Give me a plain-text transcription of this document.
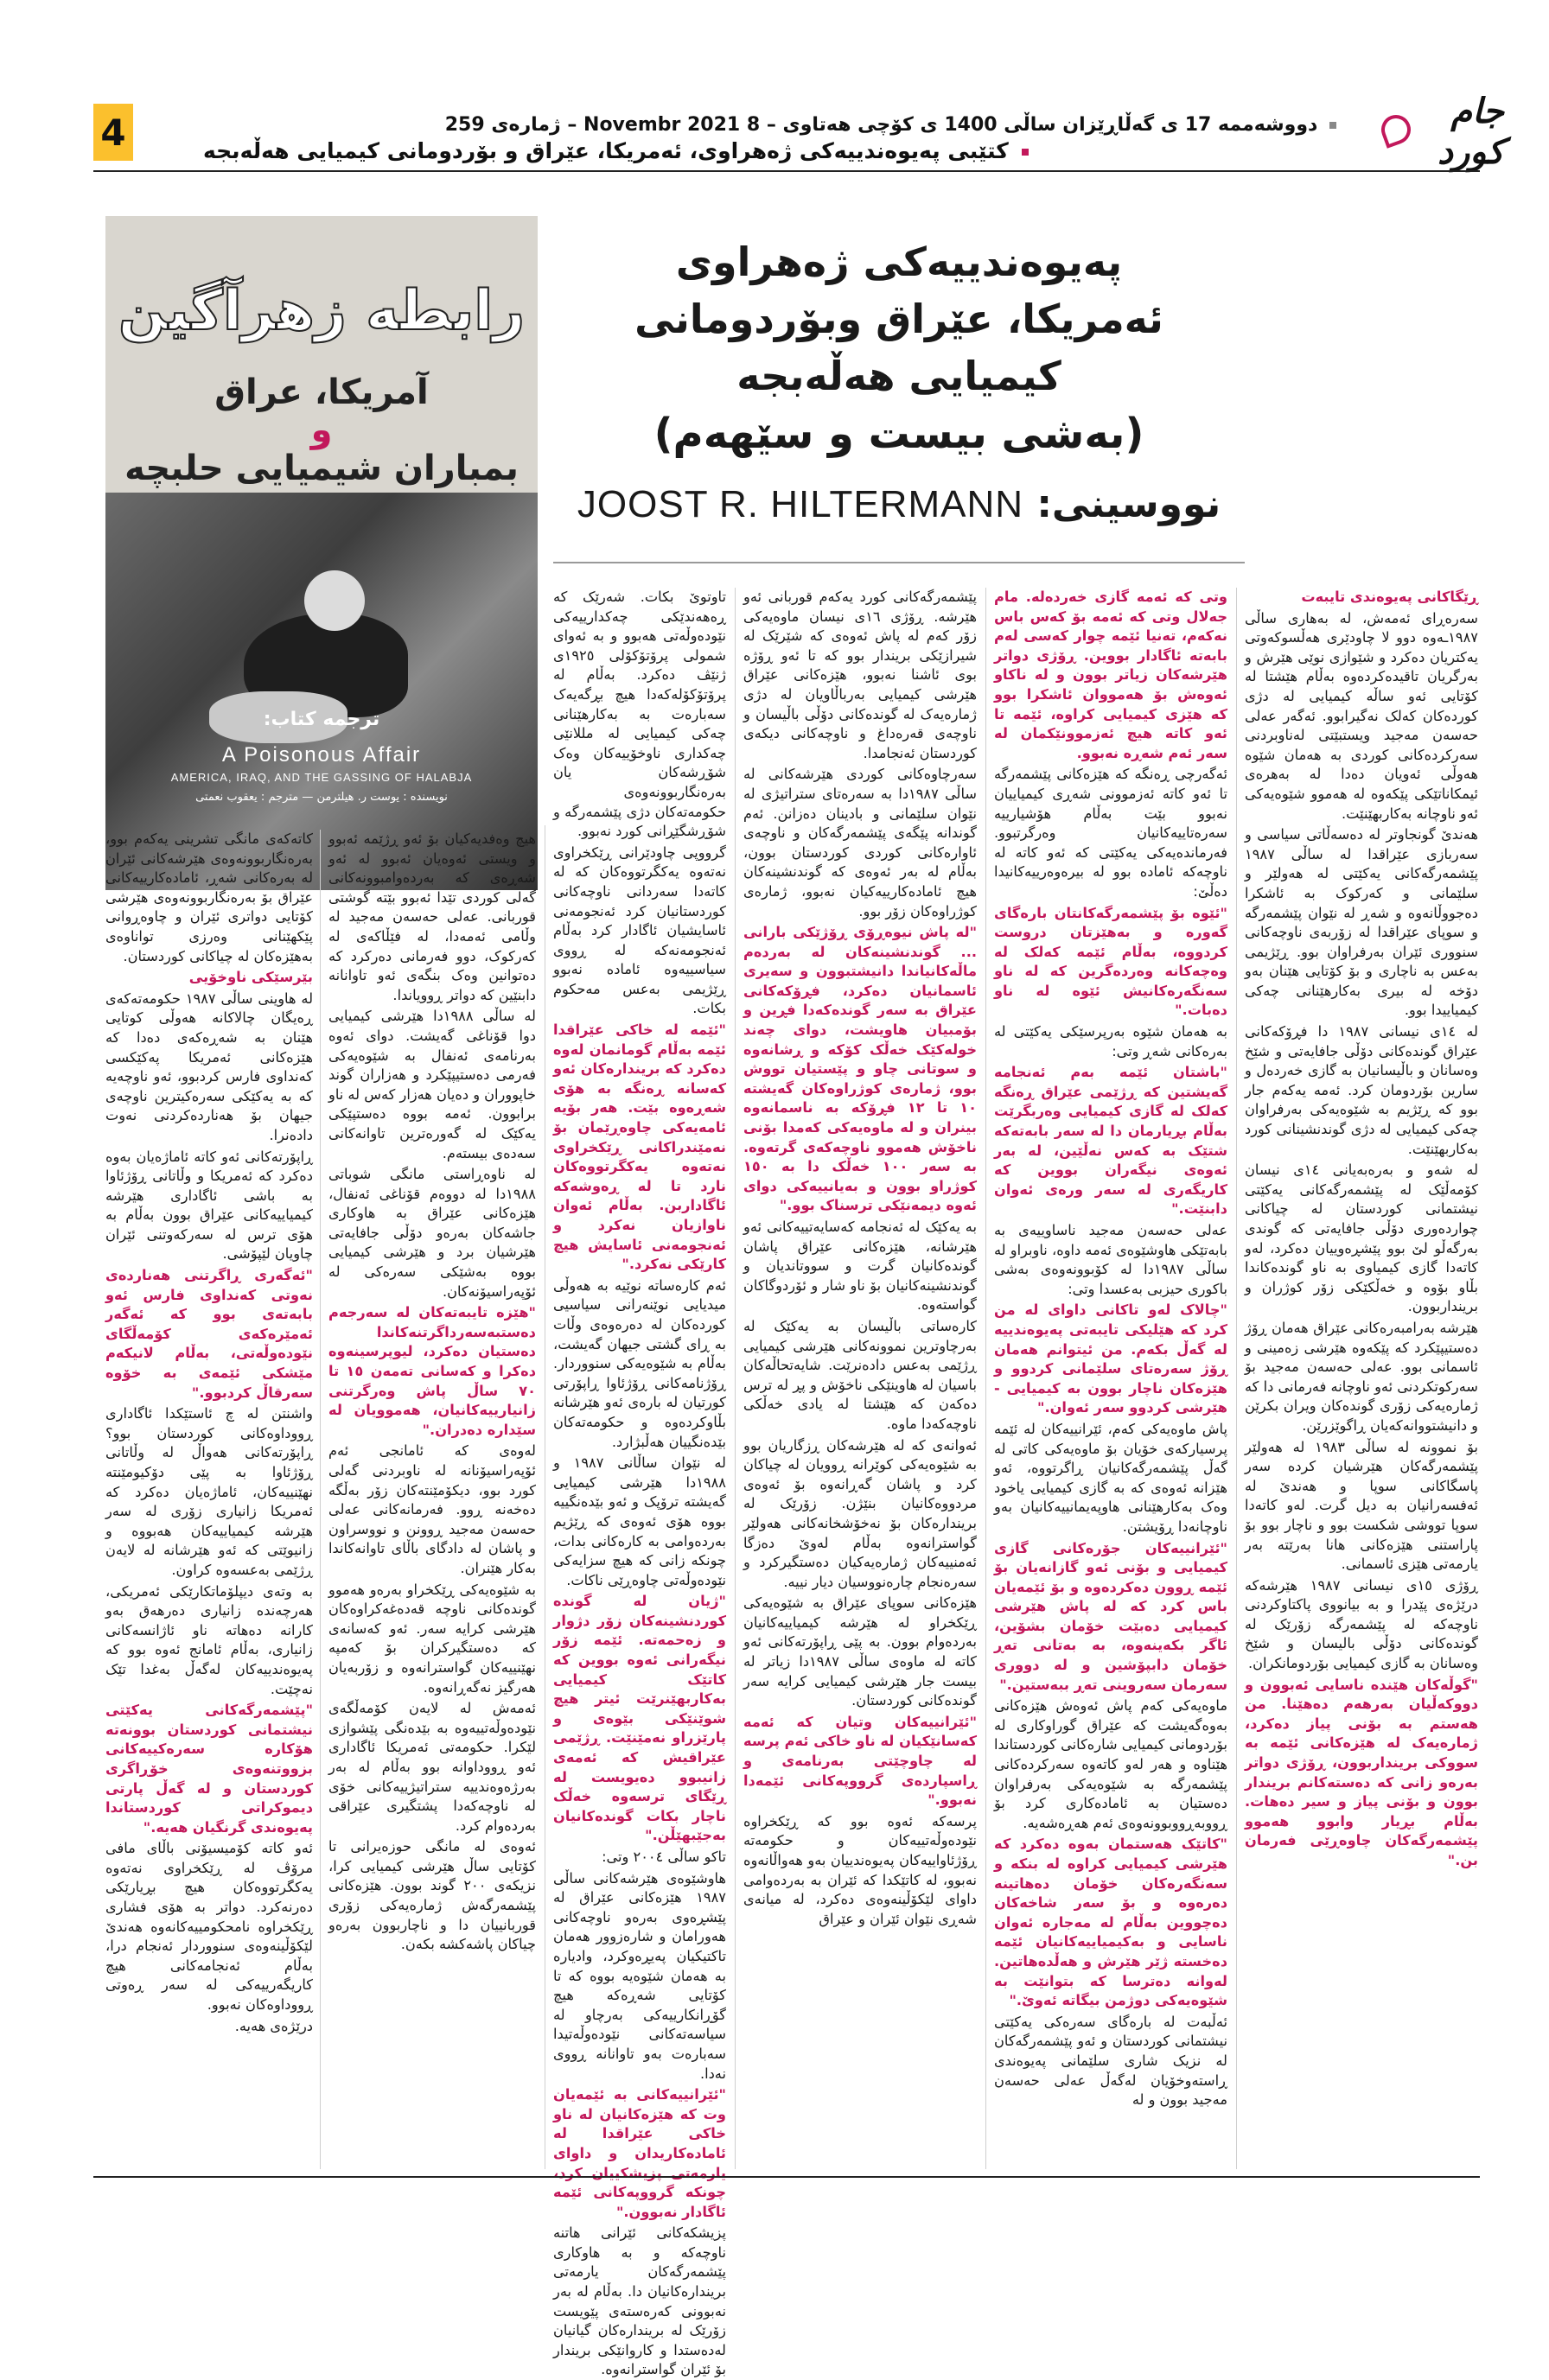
جام کورد
دووشەممە 17 ی گەڵاڕێزان ساڵی 1400 ی کۆچی هەتاوی – 8 Novembr 2021 – ژمارەی 259
کتێبی پەیوەندییەکی ژەهراوی، ئەمریکا، عێراق و بۆردومانی کیمیایی هەڵەبجە
4
پەیوەندییەکی ژەهراوی
ئەمریکا، عێراق وبۆردومانی کیمیایی هەڵەبجە
(بەشی بیست و سێهەم)
نووسینی: JOOST R. HILTERMANN
رابطه زهرآگين
آمريكا، عراق
و
بمباران شيميايى حلبچه
ترجمه كتاب:
A Poisonous Affair
AMERICA, IRAQ, AND THE GASSING OF HALABJA
نويسنده : يوست ر. هيلترمن — مترجم : يعقوب نعمتى

ڕێگاکانی پەیوەندی تایبەت

سەرەڕای ئەمەش، لە بەهاری ساڵی ١٩٨٧ـەوە دوو لا چاودێری هەڵسوکەوتی یەکتریان دەکرد و شێوازی نوێی هێرش و بەرگریان تاقیدەکردەوە بەڵام هێشتا لە کۆتایی ئەو ساڵە کیمیایی لە دژی کوردەکان کەلک نەگیرابوو. ئەگەر عەلی حەسەن مەجید ویستبێتی لەناوبردنی سەرکردەکانی کوردی بە هەمان شێوە هەوڵی ئەویان دەدا لە بەهرەی ئیمکاناتێکی پێکەوە لە هەموو شێوەیەکی ئەو ناوچانە بەکاربهێنێت.

هەندێ گونجاوتر لە دەسەڵاتی سیاسی و سەربازی عێراقدا لە ساڵی ١٩٨٧ پێشمەرگەکانی یەکێتی لە هەولێر و سلێمانی و کەرکوک بە ئاشکرا دەجووڵانەوە و شەڕ لە نێوان پێشمەرگە و سوپای عێراقدا لە زۆربەی ناوچەکانی سنووری ئێران بەرفراوان بوو. ڕێژیمی بەعس بە ناچاری و بۆ کۆتایی هێنان بەو دۆخە لە بیری بەکارهێنانی چەکی کیمیاییدا بوو.

لە ١٤ی نیسانی ١٩٨٧ دا فڕۆکەکانی عێراق گوندەکانی دۆڵی جافایەتی و شێخ وەسانان و باڵیسانیان بە گازی خەردەل و سارین بۆردومان کرد. ئەمە یەکەم جار بوو کە ڕێژیم بە شێوەیەکی بەرفراوان چەکی کیمیایی لە دژی گوندنشینانی کورد بەکاربهێنێت.

لە شەو و بەرەبەیانی ١٤ی نیسان کۆمەڵێک لە پێشمەرگەکانی یەکێتی نیشتمانی کوردستان لە چیاکانی چواردەوری دۆڵی جافایەتی کە گوندی بەرگەڵو لێ بوو پێشڕەوییان دەکرد، لەو کاتەدا گازی کیمیاوی بە ناو گوندەکاندا بڵاو بۆوە و خەڵکێکی زۆر کوژران و برینداربوون.

هێرشە بەرامبەرەکانی عێراق هەمان ڕۆژ دەستیپێکرد کە پێکەوە هێرشی زەمینی و ئاسمانی بوو. عەلی حەسەن مەجید بۆ سەرکوتکردنی ئەو ناوچانە فەرمانی دا کە ژمارەیەکی زۆری گوندەکان ویران بکرێن و دانیشتووانەکەیان ڕاگوێزرێن.

بۆ نموونە لە ساڵی ١٩٨٣ لە هەولێر پێشمەرگەکان هێرشیان کردە سەر پاسگاکانی سوپا و هەندێ لە ئەفسەرانیان بە دیل گرت. لەو کاتەدا سوپا تووشی شکست بوو و ناچار بوو بۆ پاراستنی هێزەکانی هانا بەرێتە بەر یارمەتی هێزی ئاسمانی.

ڕۆژی ١٥ی نیسانی ١٩٨٧ هێرشەکە درێژەی پێدرا و بە بیانووی پاکتاوکردنی ناوچەکە لە پێشمەرگە زۆرێک لە گوندەکانی دۆڵی بالیسان و شێخ وەسانان بە گازی کیمیایی بۆردومانکران.

"گوڵەکان هێندە ناسایی ئەبوون و دووکەڵیان بەرهەم دەهێنا. من هەستم بە بۆنی پیاز دەکرد، ژمارەیەک لە هێزەکانی ئێمە بە سووکی برینداربوون، ڕۆژی دواتر بەرەو زانی کە دەستەکانم بریندار بوون و بۆنی پیاز و سیر دەهات. بەڵام بڕیار وابوو هەموو پێشمەرگەکان چاوەڕێی فەرمان بن."

وتی کە ئەمە گازی خەردەلە. مام جەلال وتی کە ئەمە بۆ کەس باس نەکەم، تەنیا ئێمە چوار کەسی لەم بابەتە ئاگادار بووین. ڕۆژی دواتر هێرشەکان زیاتر بوون و لە ناکاو ئەوەش بۆ هەمووان ئاشکرا بوو کە هێزی کیمیایی کراوە، ئێمە تا ئەو کاتە هیچ ئەزموونێکمان لە سەر ئەم شەڕە نەبوو.

ئەگەرچی ڕەنگە کە هێزەکانی پێشمەرگە تا ئەو کاتە ئەزموونی شەڕی کیمیاییان نەبوو بێت بەڵام هۆشیارییە سەرەتاییەکانیان وەرگرتبوو. فەرماندەیەکی یەکێتی کە ئەو کاتە لە ناوچەکە ئامادە بوو لە بیرەوەرییەکانیدا دەڵێ:

"ئێوە بۆ پێشمەرگەکانتان بارەگای گەورە و بەهێزتان دروست کردووە، بەڵام ئێمە کەلک لە وەچەکانە وەردەگرین کە لە ناو سەنگەرەکانیش ئێوە لە ناو دەبات."

بە هەمان شێوە بەرپرسێکی یەکێتی لە بەرەکانی شەڕ وتی:

"باشتان ئێمە بەم ئەنجامە گەیشتین کە ڕژێمی عێراق ڕەنگە کەلک لە گازی کیمیایی وەربگرێت بەڵام بڕیارمان دا لە سەر بابەتەکە شتێک بە کەس نەڵێین، لە بەر ئەوەی نیگەران بووین کە کاریگەری لە سەر ورەی ئەوان دابنێت."

عەلی حەسەن مەجید ناساوییەی بە بابەتێکی هاوشێوەی ئەمە داوە، ناوبراو لە ساڵی ١٩٨٧دا لە کۆبوونەوەی بەشی باکوری حیزبی بەعسدا وتی:

"چالاک لەو تاکانی داوای لە من کرد کە هێلیکی تایبەتی پەیوەندییە لە گەڵ بکەم. من ئیتوانم هەمان ڕۆژ سەرەتای سلێمانی کردوو و هێزەکان ناچار بوون بە کیمیایی - هێرشی کردوو سەر ئەوان."

پاش ماوەیەکی کەم، ئێرانییەکان لە ئێمە پرسیارکەی خۆیان بۆ ماوەیەکی کاتی لە گەڵ پێشمەرگەکانیان ڕاگرتووە، ئەو هێزانە ئەوەی کە بە گازی کیمیایی یاخود وەک بەکارهێنانی هاوپەیمانییەکانیان بەو ناوچانەدا ڕۆیشتن.

"ئێرانییەکان جۆرەکانی گازی کیمیایی و بۆنی ئەو گازانەیان بۆ ئێمە ڕوون دەکردەوە و بۆ ئێمەیان باس کرد کە لە پاش هێرشی کیمیایی دەبێت خۆمان بشۆین، ئاگر بکەینەوە، بە بەتانی تەڕ خۆمان دابپۆشین و لە دووری سەرمان سەروینی تەڕ ببەستین."

ماوەیەکی کەم پاش ئەوەش هێزەکانی بەوەگەیشت کە عێراق گوراوکاری لە بۆردومانی کیمیایی شارەکانی کوردستاندا هێناوە و هەر لەو کاتەوە سەرکردەکانی پێشمەرگە بە شێوەیەکی بەرفراوان دەستیان بە ئامادەکاری کرد بۆ ڕووبەڕووبوونەوەی ئەم هەڕەشەیە.

"کاتێک هەستمان بەوە دەکرد کە هێرشی کیمیایی کراوە لە بنکە و سەنگەرەکان خۆمان دەهاتینە دەرەوە و بۆ سەر شاخەکان دەچووین بەڵام لە مەجارە ئەوان ناسایی و بەکیمیاییەکانیان ئێمە دەخستە ژێر هێرش و هەڵدەهاتین. لەوانە دەترسا کە بتوانێت بە شێوەیەکی دوژمن بیگاتە ئەوێ."

ئەڵبەت لە بارەگای سەرەکی یەکێتی نیشتمانی کوردستان و ئەو پێشمەرگەکان لە نزیک شاری سلێمانی پەیوەندی ڕاستەوخۆیان لەگەڵ عەلی حەسەن مەجید بوون و لە

پێشمەرگەکانی کورد یەکەم قوربانی ئەو هێرشە. ڕۆژی ١٦ی نیسان ماوەیەکی زۆر کەم لە پاش ئەوەی کە شێرێک لە شیرازێکی بریندار بوو کە تا ئەو ڕۆژە بوی ئاشنا نەبوو، هێزەکانی عێراق هێرشی کیمیایی بەرباڵاویان لە دژی ژمارەیەک لە گوندەکانی دۆڵی باڵیسان و ناوچەی قەرەداغ و ناوچەکانی دیکەی کوردستان ئەنجامدا.

سەرچاوەکانی کوردی هێرشەکانی لە ساڵی ١٩٨٧دا بە سەرەتای ستراتیژی لە نێوان سلێمانی و بادینان دەزانن. ئەم گوندانە پێگەی پێشمەرگەکان و ناوچەی ئاوارەکانی کوردی کوردستان بوون، بەڵام لە بەر ئەوەی کە گوندنشینەکان هیچ ئامادەکارییەکیان نەبوو، ژمارەی کوژراوەکان زۆر بوو.

"لە پاش نیوەڕۆی ڕۆژێکی بارانی ... گوندنشینەکان لە بەردەم ماڵەکانیاندا دانیشتبوون و سەیری ئاسمانیان دەکرد، فڕۆکەکانی عێراق بە سەر گوندەکەدا فڕین و بۆمبیان هاویشت، دوای چەند خولەکێک خەڵک کۆکە و ڕشانەوە و سوتانی چاو و پێستیان تووش بوو، ژمارەی کوژراوەکان گەیشتە ١٠ تا ١٢ فڕۆکە بە ناسمانەوە بینران و لە ماوەیەکی کەمدا بۆنی ناخۆش هەموو ناوچەکەی گرتەوە. بە سەر ١٠٠ خەڵک دا بە ١٥٠ کوژراو بوون و بەیانییەکی دوای ئەوە دیمەنێکی ترسناک بوو."

بە یەکێک لە ئەنجامە کەسایەتییەکانی ئەو هێرشانە، هێزەکانی عێراق پاشان گوندەکانیان گرت و سووتاندیان و گوندنشینەکانیان بۆ ناو شار و ئۆردوگاکان گواستەوە.

کارەساتی باڵیسان بە یەکێک لە بەرچاوترین نموونەکانی هێرشی کیمیایی ڕژێمی بەعس دادەنرێت. شایەتحاڵەکان باسیان لە هاوینێکی ناخۆش و پڕ لە ترس دەکەن کە هێشتا لە یادی خەڵکی ناوچەکەدا ماوە.

ئەوانەی کە لە هێرشەکان ڕزگاریان بوو بە شێوەیەکی کوێرانە ڕوویان لە چیاکان کرد و پاشان گەڕانەوە بۆ ئەوەی مردووەکانیان بنێژن. زۆرێک لە بریندارەکان بۆ نەخۆشخانەکانی هەولێر گواسترانەوە بەڵام لەوێ دەزگا ئەمنییەکان ژمارەیەکیان دەستگیرکرد و سەرەنجام چارەنووسیان دیار نییە.

هێزەکانی سوپای عێراق بە شێوەیەکی ڕێکخراو لە هێرشە کیمیاییەکانیان بەردەوام بوون. بە پێی ڕاپۆرتەکانی ئەو کاتە لە ماوەی ساڵی ١٩٨٧دا زیاتر لە بیست جار هێرشی کیمیایی کرایە سەر گوندەکانی کوردستان.

"ئێرانییەکان وتیان کە ئەمە کەسانێکیان لە ناو خاکی ئەم پرسە لە چاوچێتی بەرنامەی و ڕاسپاردەی گرووپەکانی ئێمەدا نەبوو."

پرسەکە ئەوە بوو کە ڕێکخراوە نێودەوڵەتییەکان و حکومەتە ڕۆژئاواییەکان پەیوەندییان بەو هەواڵانەوە نەبوو، لە کاتێکدا کە ئێران بە بەردەوامی داوای لێکۆڵینەوەی دەکرد، لە میانەی شەڕی نێوان ئێران و عێراق

تاوتوێ بکات. شەرێک کە ڕەهەندێکی چەکدارییەکی نێودەوڵەتی هەبوو و بە ئەوای شمولی پرۆتۆکۆلی ١٩٢٥ی ژنێڤ دەکرد. بەڵام لە پرۆتۆکۆلەکەدا هیچ بڕگەیەک سەبارەت بە بەکارهێنانی چەکی کیمیایی لە مللانێی چەکداری ناوخۆییەکان وەک شۆڕشەکان یان بەرەنگاربوونەوەی حکومەتەکان دژی پێشمەرگە و شۆڕشگێڕانی کورد نەبوو.

گرووپی چاودێرانی ڕێکخراوی نەتەوە یەکگرتووەکان کە لە کاتەدا سەردانی ناوچەکانی کوردستانیان کرد ئەنجومەنی ئاسایشیان ئاگادار کرد بەڵام ئەنجومەنەکە لە ڕووی سیاسییەوە ئامادە نەبوو ڕێژیمی بەعس مەحکوم بکات.

"ئێمە لە خاکی عێراقدا ئێمە بەڵام گومانمان لەوە دەکرد کە بریندارەکان ئەو کەسانە ڕەنگە بە هۆی شەڕەوە بێت. هەر بۆیە ئامەیەکی چاوەڕێمان بۆ نەمێندراکانی ڕێکخراوی نەتەوە یەکگرتووەکان نارد تا لە ڕەوشەکە ئاگاداربن. بەڵام ئەوان ناوازیان نەکرد و ئەنجومەنی ئاسایش هیچ کارێکی نەکرد."

ئەم کارەساتە نوێیە بە هەوڵی میدیایی نوێنەرانی سیاسیی کوردەکان لە دەرەوەی وڵات بە ڕای گشتی جیهان گەیشت، بەڵام بە شێوەیەکی سنووردار. ڕۆژنامەکانی ڕۆژئاوا ڕاپۆرتی کورتیان لە بارەی ئەو هێرشانە بڵاوکردەوە و حکومەتەکان بێدەنگییان هەڵبژارد.

لە نێوان ساڵانی ١٩٨٧ و ١٩٨٨دا هێرشی کیمیایی گەیشتە ترۆپک و ئەو بێدەنگییە بووە هۆی ئەوەی کە ڕێژیم بەردەوامی بە کارەکانی بدات، چونکە زانی کە هیچ سزایەکی نێودەوڵەتی چاوەڕێی ناکات.

"ژیان لە گوندە کوردنشینەکان زۆر دژوار و زەحمەتە. ئێمە زۆر نیگەرانی ئەوە بووین کە کاتێک کیمیایی بەکاربهێنرێت ئیتر هیچ شوێنێکی بێوەی و پارێزراو نەمێنێت. ڕژێمی عێراقیش کە ئەمەی زانیبوو دەیویست لە ڕێگای ترسەوە خەڵک ناچار بکات گوندەکانیان بەجێبهێڵن."

تاکو ساڵی ٢٠٠٤ وتی:

هاوشێوەی هێرشەکانی ساڵی ١٩٨٧ هێزەکانی عێراق لە پێشڕەوی بەرەو ناوچەکانی هەورامان و شارەزوور هەمان تاکتیکیان پەیڕەوکرد، وادیارە بە هەمان شێوەیە بووە کە تا کۆتایی شەڕەکە هیچ گۆڕانکارییەکی بەرچاو لە سیاسەتەکانی نێودەوڵەتیدا سەبارەت بەو تاوانانە ڕووی نەدا.

"ئێرانییەکانی بە ئێمەیان وت کە هێزەکانیان لە ناو خاکی عێراقدا لە ئامادەکاریدان و داوای یارمەتی پزیشکییان کرد، چونکە گرووپەکانی ئێمە ئاگادار نەبوون."

پزیشکەکانی ئێرانی هاتنە ناوچەکە و بە هاوکاری پێشمەرگەکان یارمەتی بریندارەکانیان دا. بەڵام لە بەر نەبوونی کەرەستەی پێویست زۆرێک لە بریندارەکان گیانیان لەدەستدا و کاروانێکی بریندار بۆ ئێران گواسترانەوە.

هیچ وەفدیەکیان بۆ ئەو ڕژێمە ئەبوو و ویستی ئەوەیان ئەبوو لە ئەو شەڕەی کە بەردەوامبوونەکانی گەلی کوردی تێدا ئەبوو بێتە گوشتی قوربانی. عەلی حەسەن مەجید لە وڵامی ئەمەدا، لە فێڵاکەی لە کەرکوک، دوو فەرمانی دەرکرد کە دەتوانین وەک بنگەی ئەو تاوانانە دابنێین کە دواتر ڕوویاندا.

لە ساڵی ١٩٨٨دا هێرشی کیمیایی دوا قۆناغی گەیشت. دوای ئەوە بەرنامەی ئەنفال بە شێوەیەکی فەرمی دەستیپێکرد و هەزاران گوند خاپووران و دەیان هەزار کەس لە ناو برابوون. ئەمە بووە دەستپێکی یەکێک لە گەورەترین تاوانەکانی سەدەی بیستەم.

لە ناوەڕاستی مانگی شوباتی ١٩٨٨دا لە دووەم قۆناغی ئەنفال، هێزەکانی عێراق بە هاوکاری جاشەکان بەرەو دۆڵی جافایەتی هێرشیان برد و هێرشی کیمیایی بووە بەشێکی سەرەکی لە ئۆپەراسیۆنەکان.

"هێزە تایبەتەکان لە سەرجەم دەستبەسەرداگرتنەکاندا دەستیان دەکرد، لیوپرسینەوە دەکرا و کەسانی تەمەن ١٥ تا ٧٠ ساڵ پاش وەرگرتنی زانیارییەکانیان، هەموویان لە سێدارە دەدران."

لەوەی کە ئامانجی ئەم ئۆپەراسیۆنانە لە ناوبردنی گەلی کورد بوو، دیکۆمێنتەکان زۆر بەڵگە دەخەنە ڕوو. فەرمانەکانی عەلی حەسەن مەجید ڕوونن و نووسراون و پاشان لە دادگای باڵای تاوانەکاندا بەکار هێنران.

بە شێوەیەکی ڕێکخراو بەرەو هەموو گوندەکانی ناوچە قەدەغەکراوەکان هێرشی کرایە سەر. ئەو کەسانەی کە دەستگیرکران بۆ کەمپە نهێنییەکان گواسترانەوە و زۆربەیان هەرگیز نەگەڕانەوە.

ئەمەش لە لایەن کۆمەڵگەی نێودەوڵەتییەوە بە بێدەنگی پێشوازی لێکرا. حکومەتی ئەمریکا ئاگاداری ئەو ڕووداوانە بوو بەڵام لە بەر بەرژەوەندییە ستراتیژییەکانی خۆی لە ناوچەکەدا پشتگیری عێراقی بەردەوام کرد.

ئەوەی لە مانگی حوزەیرانی تا کۆتایی ساڵ هێرشی کیمیایی کرا، نزیکەی ٢٠٠ گوند بوون. هێزەکانی پێشمەرگەش ژمارەیەکی زۆری قوربانییان دا و ناچاربوون بەرەو چیاکان پاشەکشە بکەن.

کاتەکەی مانگی تشرینی یەکەم بوو، بەرەنگاربوونەوەی هێرشەکانی ئێران لە بەرەکانی شەڕ، ئامادەکارییەکانی عێراق بۆ بەرەنگاربوونەوەی هێرشی کۆتایی دواتری ئێران و چاوەڕوانی پێکهێنانی وەرزی تواناوەی بەهێزەکان لە چیاکانی کوردستان.

بێرسێکی ناوخۆیی

لە هاوینی ساڵی ١٩٨٧ حکومەتەکەی ڕەیگان چالاکانە هەوڵی کوتایی هێنان بە شەڕەکەی دەدا کە هێزەکانی ئەمریکا پەکێکسی کەنداوی فارس کردبوو، ئەو ناوچەیە کە بە یەکێکی سەرەکیترین ناوچەی جیهان بۆ هەناردەکردنی نەوت دادەنرا.

ڕاپۆرتەکانی ئەو کاتە ئاماژەیان بەوە دەکرد کە ئەمریکا و وڵاتانی ڕۆژئاوا بە باشی ئاگاداری هێرشە کیمیاییەکانی عێراق بوون بەڵام بە هۆی ترس لە سەرکەوتنی ئێران چاویان لێپۆشی.

"ئەگەری ڕاگرتنی هەناردەی نەوتی کەنداوی فارس ئەو بابەتەی بوو کە ئەگەر ئەمێرەکەی کۆمەڵگای نێودەوڵەتی، بەڵام لانیکەم مێشکی ئێمەی بە خۆوە سەرقاڵ کردبوو."

واشنتن لە چ ئاستێکدا ئاگاداری ڕووداوەکانی کوردستان بوو؟ ڕاپۆرتەکانی هەواڵ لە وڵاتانی ڕۆژئاوا بە پێی دۆکیومێنتە نهێنییەکان، ئاماژەیان دەکرد کە ئەمریکا زانیاری زۆری لە سەر هێرشە کیمیاییەکان هەبووە و زانیوێتی کە ئەو هێرشانە لە لایەن ڕژێمی بەعسەوە کراون.

بە وتەی دیپلۆماتکارێکی ئەمریکی، هەرچەندە زانیاری دەرهەق بەو کارانە دەهاتە ناو ئاژانسەکانی زانیاری، بەڵام ئامانج ئەوە بوو کە پەیوەندییەکان لەگەڵ بەغدا تێک نەچێت.

"پێشمەرگەکانی یەکێتی نیشتمانی کوردستان بوونەتە هۆکارە سەرەکییەکانی بزووتنەوەی خۆڕاگری کوردستان و لە گەڵ پارتی دیموکراتی کوردستاندا پەیوەندی گرنگیان هەیە."

ئەو کاتە کۆمیسیۆنی باڵای مافی مرۆڤ لە ڕێکخراوی نەتەوە یەکگرتووەکان هیچ بڕیارێکی دەرنەکرد. دواتر بە هۆی فشاری ڕێکخراوە نامحکومییەکانەوە هەندێ لێکۆڵینەوەی سنووردار ئەنجام درا، بەڵام ئەنجامەکانی هیچ کاریگەرییەکی لە سەر ڕەوتی ڕووداوەکان نەبوو.

درێژەی هەیە.
